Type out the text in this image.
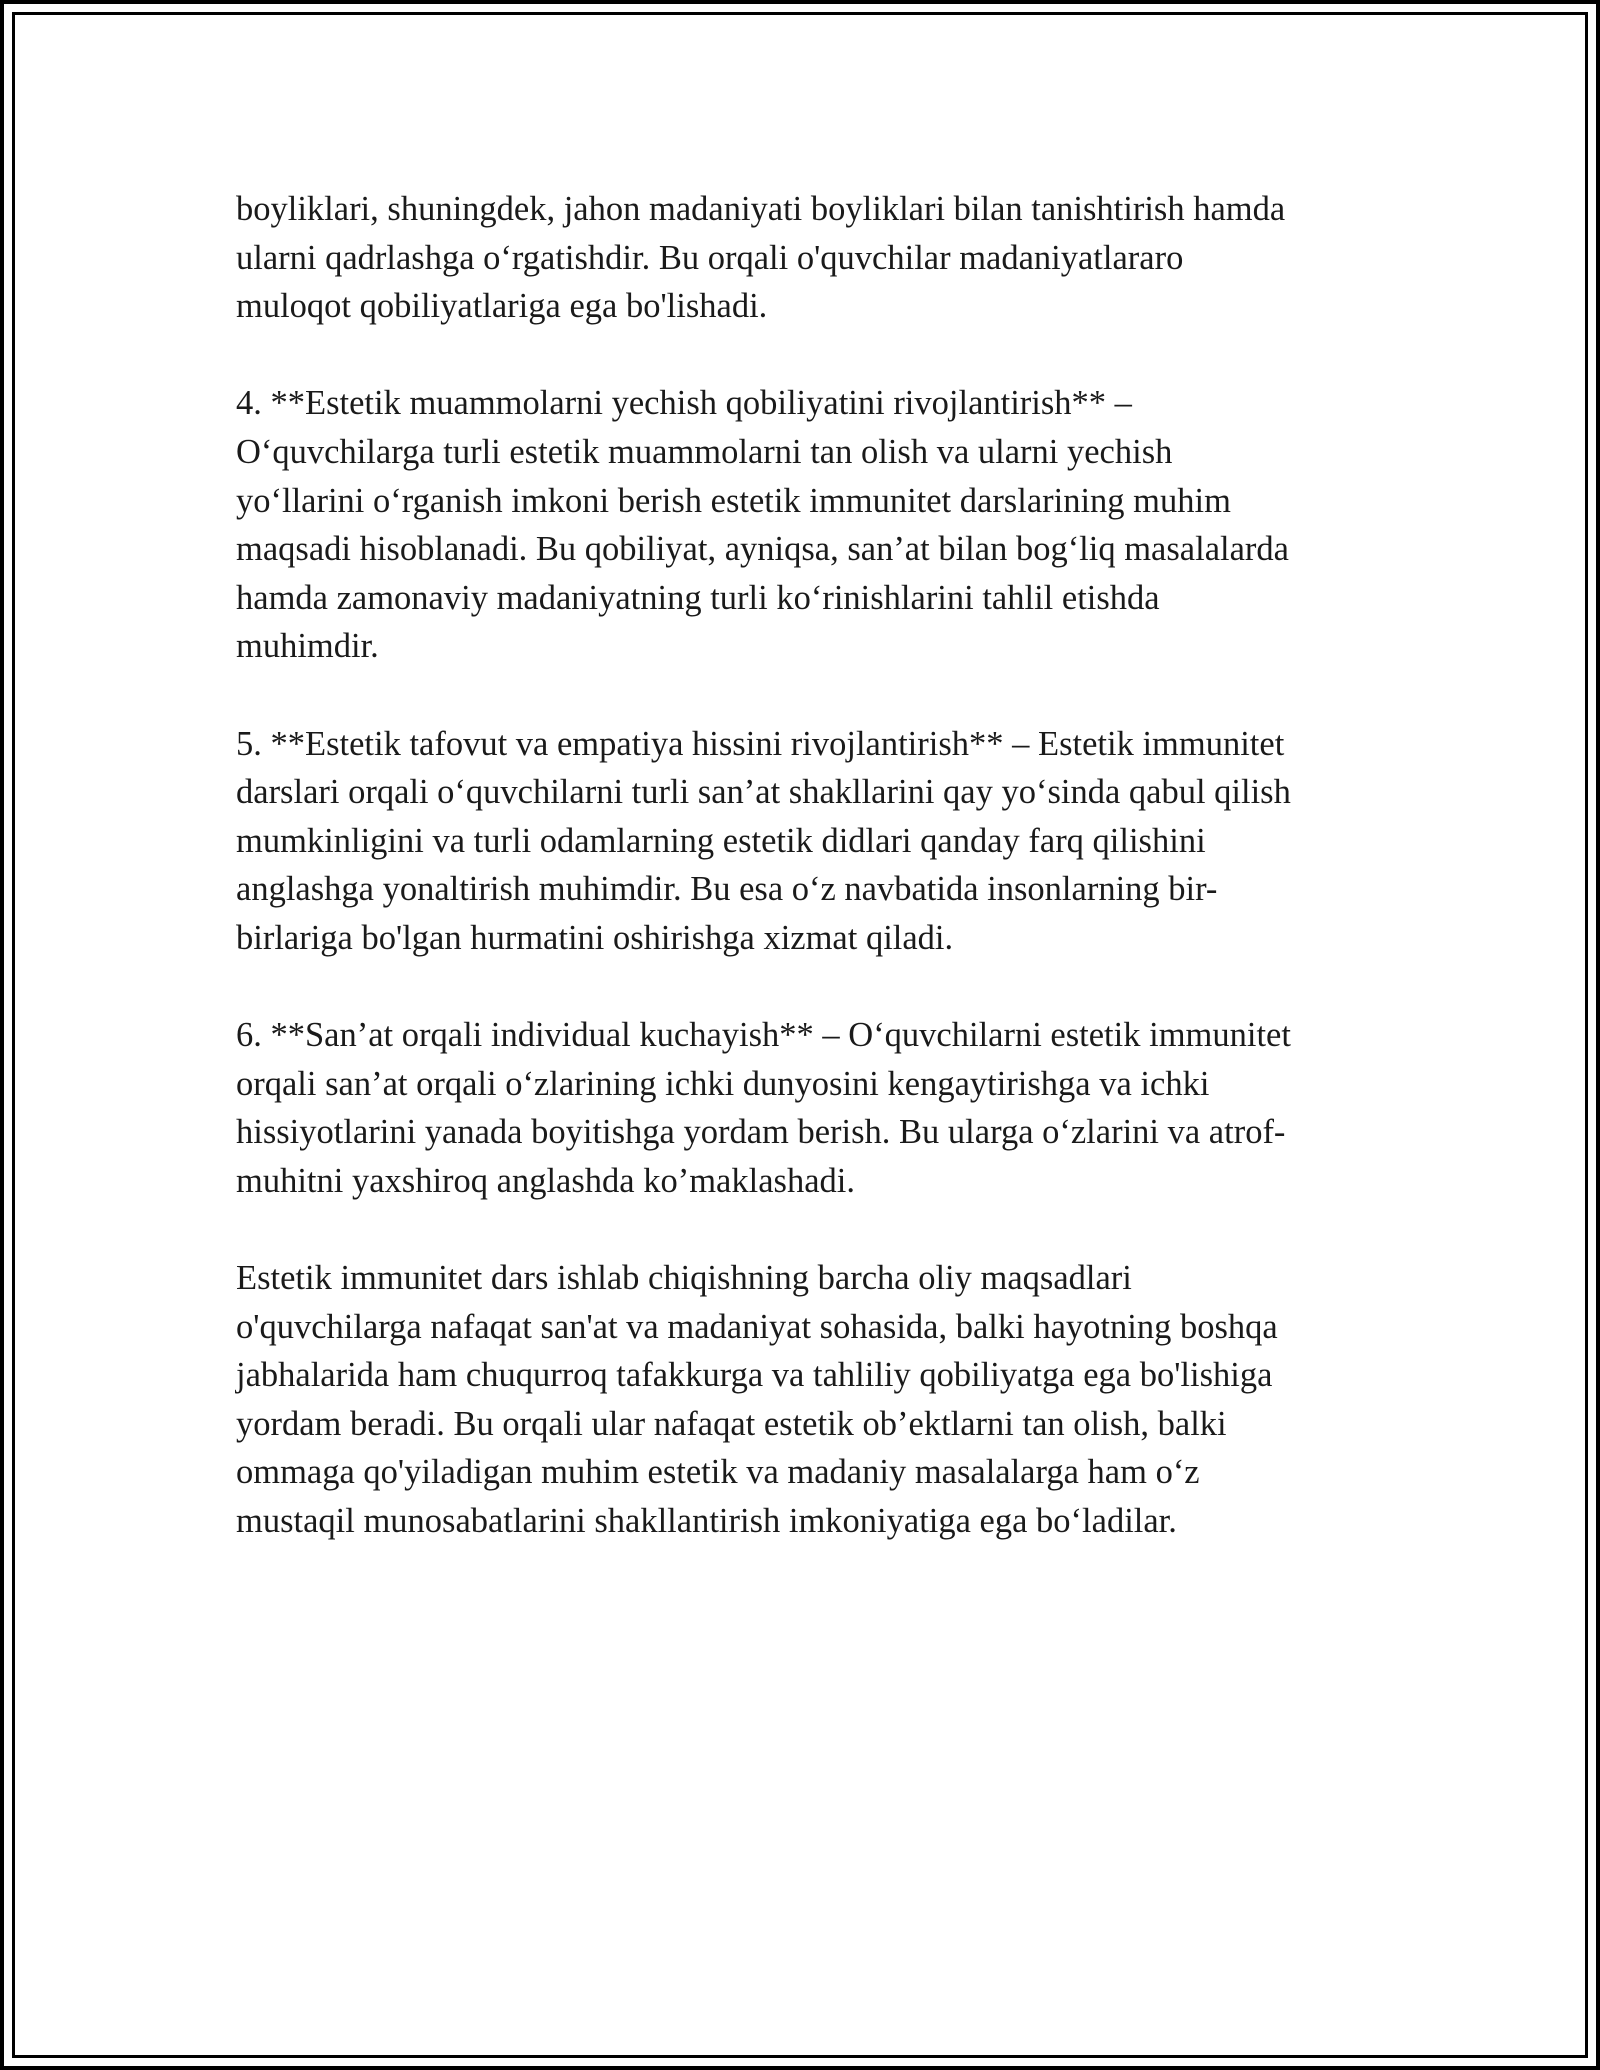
boyliklari, shuningdek, jahon madaniyati boyliklari bilan tanishtirish hamda
ularni qadrlashga o‘rgatishdir. Bu orqali o'quvchilar madaniyatlararo
muloqot qobiliyatlariga ega bo'lishadi.

4. **Estetik muammolarni yechish qobiliyatini rivojlantirish** –
O‘quvchilarga turli estetik muammolarni tan olish va ularni yechish
yo‘llarini o‘rganish imkoni berish estetik immunitet darslarining muhim
maqsadi hisoblanadi. Bu qobiliyat, ayniqsa, san’at bilan bog‘liq masalalarda
hamda zamonaviy madaniyatning turli ko‘rinishlarini tahlil etishda
muhimdir.

5. **Estetik tafovut va empatiya hissini rivojlantirish** – Estetik immunitet
darslari orqali o‘quvchilarni turli san’at shakllarini qay yo‘sinda qabul qilish
mumkinligini va turli odamlarning estetik didlari qanday farq qilishini
anglashga yonaltirish muhimdir. Bu esa o‘z navbatida insonlarning bir-
birlariga bo'lgan hurmatini oshirishga xizmat qiladi.

6. **San’at orqali individual kuchayish** – O‘quvchilarni estetik immunitet
orqali san’at orqali o‘zlarining ichki dunyosini kengaytirishga va ichki
hissiyotlarini yanada boyitishga yordam berish. Bu ularga o‘zlarini va atrof-
muhitni yaxshiroq anglashda ko’maklashadi.

Estetik immunitet dars ishlab chiqishning barcha oliy maqsadlari
o'quvchilarga nafaqat san'at va madaniyat sohasida, balki hayotning boshqa
jabhalarida ham chuqurroq tafakkurga va tahliliy qobiliyatga ega bo'lishiga
yordam beradi. Bu orqali ular nafaqat estetik ob’ektlarni tan olish, balki
ommaga qo'yiladigan muhim estetik va madaniy masalalarga ham o‘z
mustaqil munosabatlarini shakllantirish imkoniyatiga ega bo‘ladilar.
